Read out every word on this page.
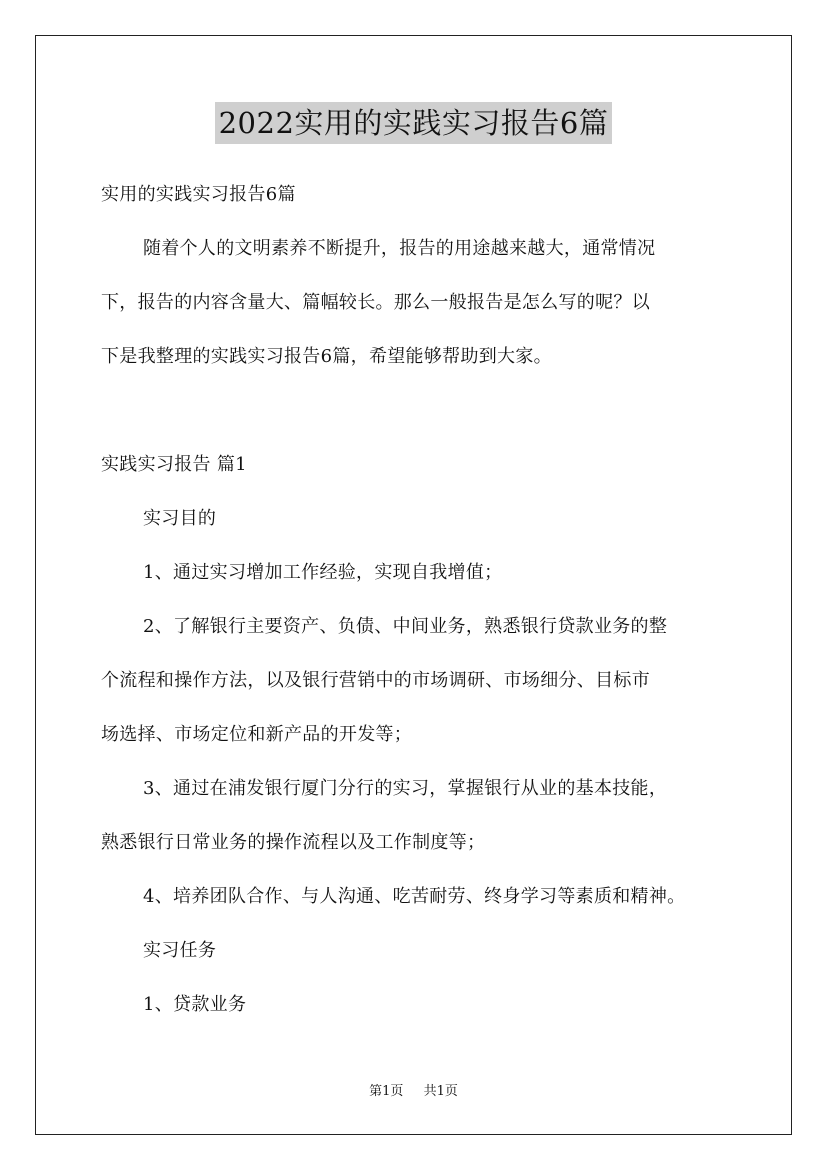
2022实用的实践实习报告6篇
实用的实践实习报告6篇
随着个人的文明素养不断提升，报告的用途越来越大，通常情况
下，报告的内容含量大、篇幅较长。那么一般报告是怎么写的呢？以
下是我整理的实践实习报告6篇，希望能够帮助到大家。
实践实习报告 篇1
实习目的
1、通过实习增加工作经验，实现自我增值；
2、了解银行主要资产、负债、中间业务，熟悉银行贷款业务的整
个流程和操作方法，以及银行营销中的市场调研、市场细分、目标市
场选择、市场定位和新产品的开发等；
3、通过在浦发银行厦门分行的实习，掌握银行从业的基本技能，
熟悉银行日常业务的操作流程以及工作制度等；
4、培养团队合作、与人沟通、吃苦耐劳、终身学习等素质和精神。
实习任务
1、贷款业务
第1页 共1页
